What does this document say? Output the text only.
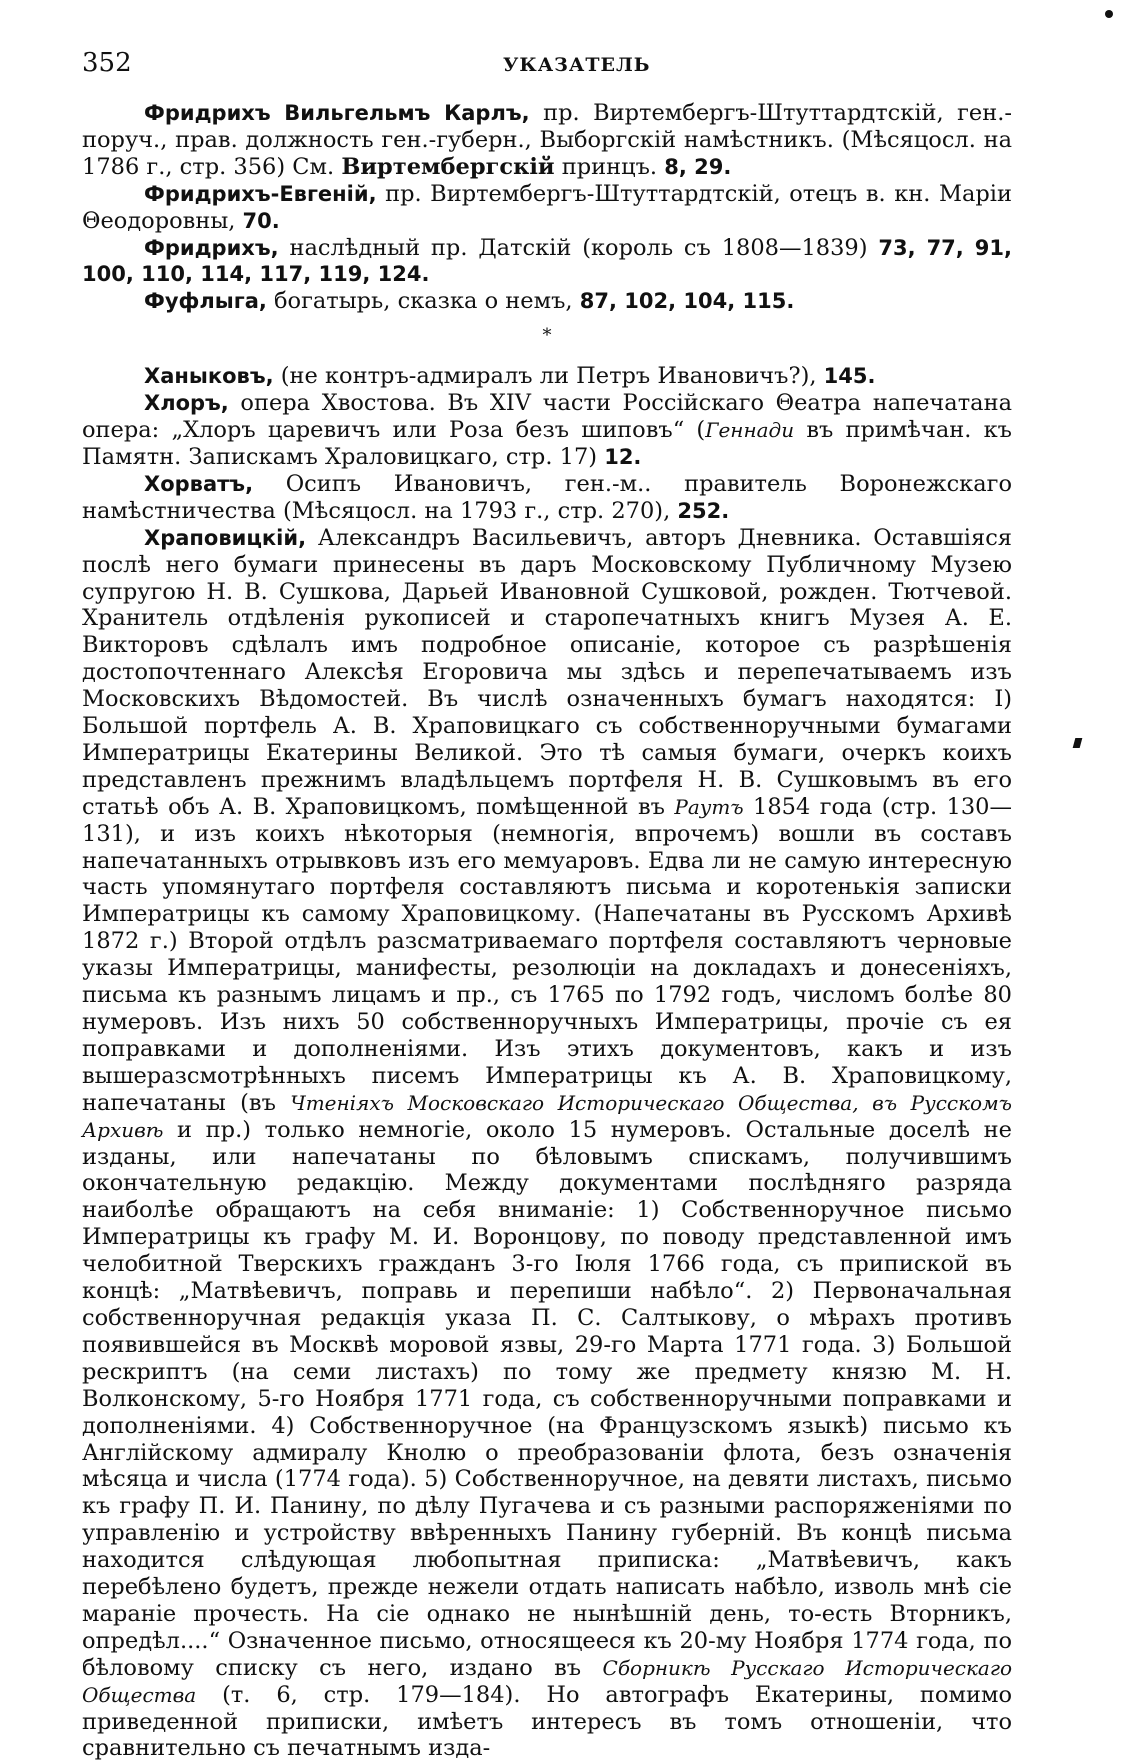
352	УКАЗАТЕЛЬ

Фридрихъ Вильгельмъ Карлъ, пр. Виртембергъ-Штуттардтскій, ген.-поруч., прав. должность ген.-губерн., Выборгскій намѣстникъ. (Мѣсяцосл. на 1786 г., стр. 356) См. Виртембергскій принцъ. 8, 29.

Фридрихъ-Евгеній, пр. Виртембергъ-Штуттардтскій, отецъ в. кн. Маріи Θеодоровны, 70.

Фридрихъ, наслѣдный пр. Датскій (король съ 1808—1839) 73, 77, 91, 100, 110, 114, 117, 119, 124.

Фуфлыга, богатырь, сказка о немъ, 87, 102, 104, 115.

*

Ханыковъ, (не контръ-адмиралъ ли Петръ Ивановичъ?), 145.

Хлоръ, опера Хвостова. Въ XIV части Россійскаго Θеатра напечатана опера: „Хлоръ царевичъ или Роза безъ шиповъ“ (Геннади въ примѣчан. къ Памятн. Запискамъ Храловицкаго, стр. 17) 12.

Хорватъ, Осипъ Ивановичъ, ген.-м.. правитель Воронежскаго намѣстничества (Мѣсяцосл. на 1793 г., стр. 270), 252.

Храповицкій, Александръ Васильевичъ, авторъ Дневника. Оставшіяся послѣ него бумаги принесены въ даръ Московскому Публичному Музею супругою Н. В. Сушкова, Дарьей Ивановной Сушковой, рожден. Тютчевой. Хранитель отдѣленія рукописей и старопечатныхъ книгъ Музея А. Е. Викторовъ сдѣлалъ имъ подробное описаніе, которое съ разрѣшенія достопочтеннаго Алексѣя Егоровича мы здѣсь и перепечатываемъ изъ Московскихъ Вѣдомостей. Въ числѣ означенныхъ бумагъ находятся: I) Большой портфель А. В. Храповицкаго съ собственноручными бумагами Императрицы Екатерины Великой. Это тѣ самыя бумаги, очеркъ коихъ представленъ прежнимъ владѣльцемъ портфеля Н. В. Сушковымъ въ его статьѣ объ А. В. Храповицкомъ, помѣщенной въ Раутъ 1854 года (стр. 130—131), и изъ коихъ нѣкоторыя (немногія, впрочемъ) вошли въ составъ напечатанныхъ отрывковъ изъ его мемуаровъ. Едва ли не самую интересную часть упомянутаго портфеля составляютъ письма и коротенькія записки Императрицы къ самому Храповицкому. (Напечатаны въ Русскомъ Архивѣ 1872 г.) Второй отдѣлъ разсматриваемаго портфеля составляютъ черновые указы Императрицы, манифесты, резолюціи на докладахъ и донесеніяхъ, письма къ разнымъ лицамъ и пр., съ 1765 по 1792 годъ, числомъ болѣе 80 нумеровъ. Изъ нихъ 50 собственноручныхъ Императрицы, прочіе съ ея поправками и дополненіями. Изъ этихъ документовъ, какъ и изъ вышеразсмотрѣнныхъ писемъ Императрицы къ А. В. Храповицкому, напечатаны (въ Чтеніяхъ Московскаго Историческаго Общества, въ Русскомъ Архивѣ и пр.) только немногіе, около 15 нумеровъ. Остальные доселѣ не изданы, или напечатаны по бѣловымъ спискамъ, получившимъ окончательную редакцію. Между документами послѣдняго разряда наиболѣе обращаютъ на себя вниманіе: 1) Собственноручное письмо Императрицы къ графу М. И. Воронцову, по поводу представленной имъ челобитной Тверскихъ гражданъ 3-го Іюля 1766 года, съ припиской въ концѣ: „Матвѣевичъ, поправь и перепиши набѣло“. 2) Первоначальная собственноручная редакція указа П. С. Салтыкову, о мѣрахъ противъ появившейся въ Москвѣ моровой язвы, 29-го Марта 1771 года. 3) Большой рескриптъ (на семи листахъ) по тому же предмету князю М. Н. Волконскому, 5-го Ноября 1771 года, съ собственноручными поправками и дополненіями. 4) Собственноручное (на Французскомъ языкѣ) письмо къ Англійскому адмиралу Кнолю о преобразованіи флота, безъ означенія мѣсяца и числа (1774 года). 5) Собственноручное, на девяти листахъ, письмо къ графу П. И. Панину, по дѣлу Пугачева и съ разными распоряженіями по управленію и устройству ввѣренныхъ Панину губерній. Въ концѣ письма находится слѣдующая любопытная приписка: „Матвѣевичъ, какъ перебѣлено будетъ, прежде нежели отдать написать набѣло, изволь мнѣ сіе мараніе прочесть. На сіе однако не нынѣшній день, то-есть Вторникъ, опредѣл....“ Означенное письмо, относящееся къ 20-му Ноября 1774 года, по бѣловому списку съ него, издано въ Сборникѣ Русскаго Историческаго Общества (т. 6, стр. 179—184). Но автографъ Екатерины, помимо приведенной приписки, имѣетъ интересъ въ томъ отношеніи, что сравнительно съ печатнымъ изда-
